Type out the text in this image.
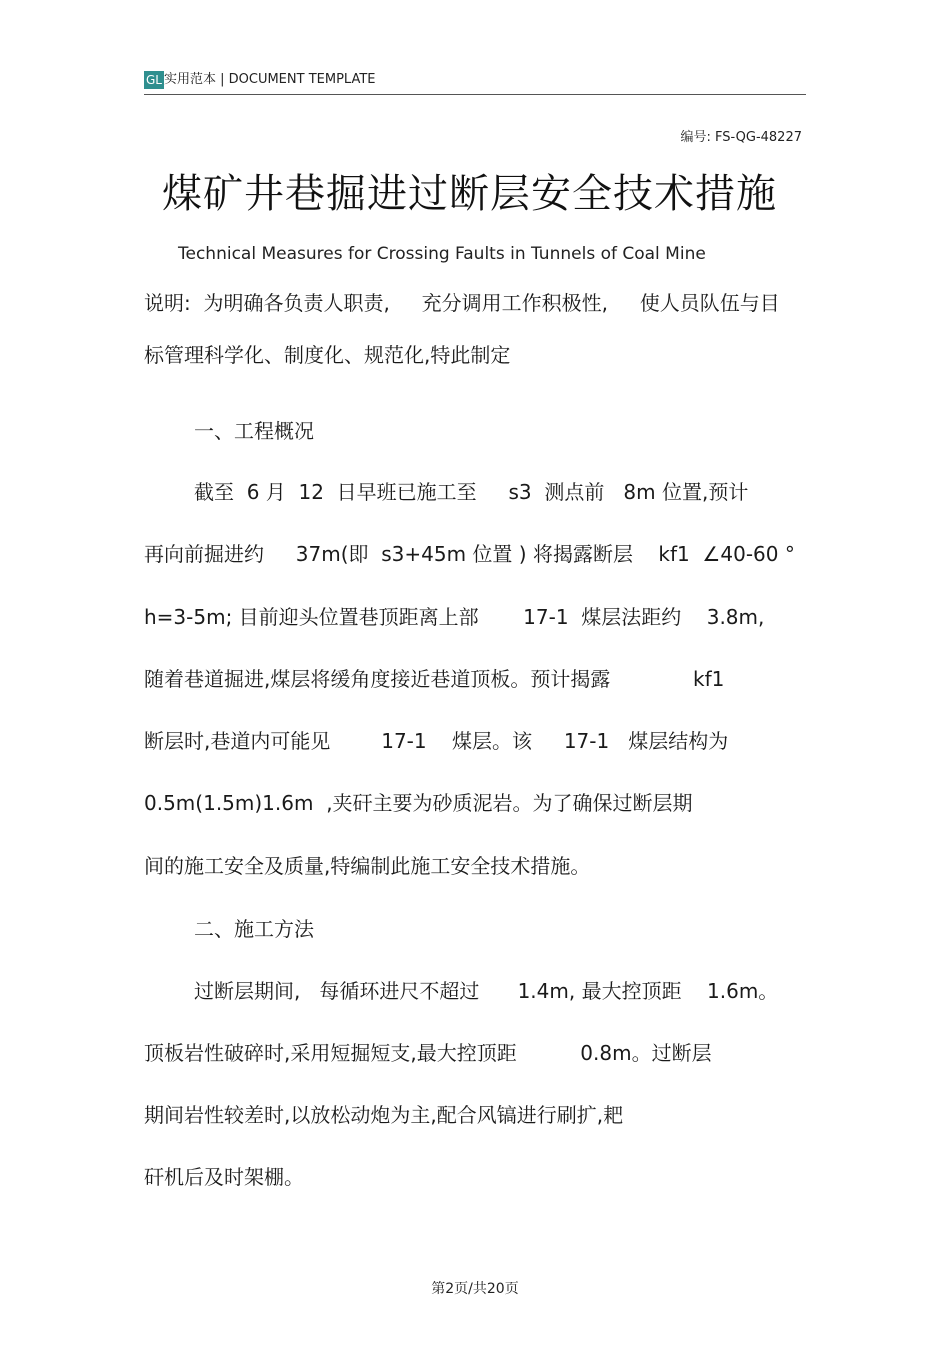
GL 实用范本 | DOCUMENT TEMPLATE
编号: FS-QG-48227
煤矿井巷掘进过断层安全技术措施
Technical Measures for Crossing Faults in Tunnels of Coal Mine
说明:  为明确各负责人职责,     充分调用工作积极性,     使人员队伍与目
标管理科学化、制度化、规范化,特此制定
一、工程概况
截至  6 月  12  日早班已施工至     s3  测点前   8m 位置,预计
再向前掘进约     37m(即  s3+45m 位置 ) 将揭露断层    kf1  ∠40-60 °
h=3-5m; 目前迎头位置巷顶距离上部       17-1  煤层法距约    3.8m,
随着巷道掘进,煤层将缓角度接近巷道顶板。预计揭露             kf1
断层时,巷道内可能见        17-1    煤层。该     17-1   煤层结构为
0.5m(1.5m)1.6m  ,夹矸主要为砂质泥岩。为了确保过断层期
间的施工安全及质量,特编制此施工安全技术措施。
二、施工方法
过断层期间,   每循环进尺不超过      1.4m, 最大控顶距    1.6m。
顶板岩性破碎时,采用短掘短支,最大控顶距          0.8m。过断层
期间岩性较差时,以放松动炮为主,配合风镐进行刷扩,耙
矸机后及时架棚。
第2页/共20页
